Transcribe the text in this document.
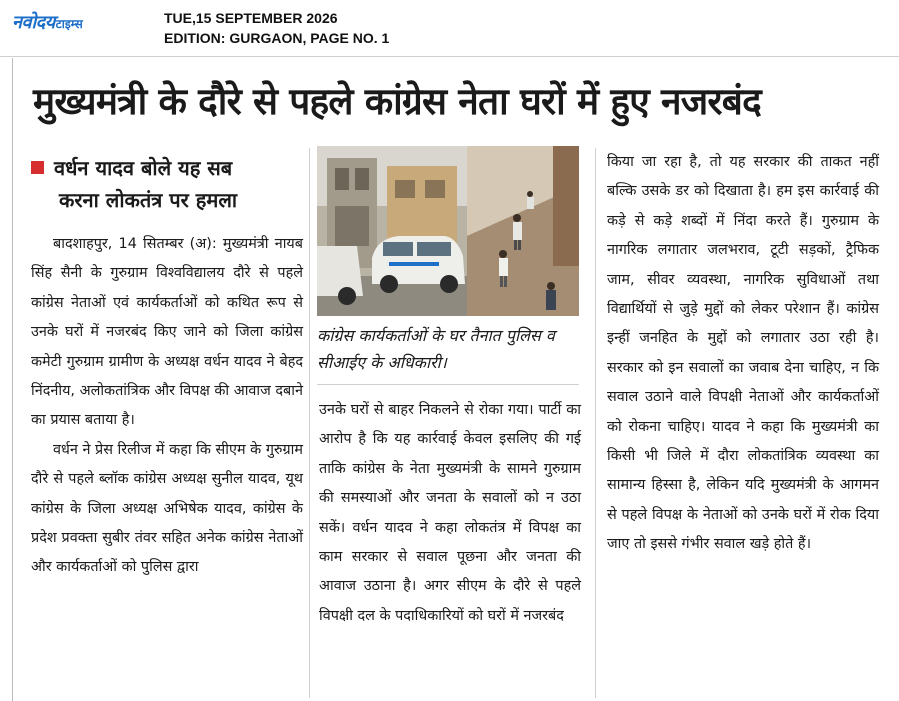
नवोदय टाइम्स	TUE,15 SEPTEMBER 2026
EDITION: GURGAON, PAGE NO. 1
मुख्यमंत्री के दौरे से पहले कांग्रेस नेता घरों में हुए नजरबंद
वर्धन यादव बोले यह सब
करना लोकतंत्र पर हमला

बादशाहपुर, 14 सितम्बर (अ): मुख्यमंत्री नायब सिंह सैनी के गुरुग्राम विश्वविद्यालय दौरे से पहले कांग्रेस नेताओं एवं कार्यकर्ताओं को कथित रूप से उनके घरों में नजरबंद किए जाने को जिला कांग्रेस कमेटी गुरुग्राम ग्रामीण के अध्यक्ष वर्धन यादव ने बेहद निंदनीय, अलोकतांत्रिक और विपक्ष की आवाज दबाने का प्रयास बताया है।

वर्धन ने प्रेस रिलीज में कहा कि सीएम के गुरुग्राम दौरे से पहले ब्लॉक कांग्रेस अध्यक्ष सुनील यादव, यूथ कांग्रेस के जिला अध्यक्ष अभिषेक यादव, कांग्रेस के प्रदेश प्रवक्ता सुबीर तंवर सहित अनेक कांग्रेस नेताओं और कार्यकर्ताओं को पुलिस द्वारा

कांग्रेस कार्यकर्ताओं के घर तैनात पुलिस व सीआईए के अधिकारी।

उनके घरों से बाहर निकलने से रोका गया। पार्टी का आरोप है कि यह कार्रवाई केवल इसलिए की गई ताकि कांग्रेस के नेता मुख्यमंत्री के सामने गुरुग्राम की समस्याओं और जनता के सवालों को न उठा सकें। वर्धन यादव ने कहा लोकतंत्र में विपक्ष का काम सरकार से सवाल पूछना और जनता की आवाज उठाना है। अगर सीएम के दौरे से पहले विपक्षी दल के पदाधिकारियों को घरों में नजरबंद

किया जा रहा है, तो यह सरकार की ताकत नहीं बल्कि उसके डर को दिखाता है। हम इस कार्रवाई की कड़े से कड़े शब्दों में निंदा करते हैं। गुरुग्राम के नागरिक लगातार जलभराव, टूटी सड़कों, ट्रैफिक जाम, सीवर व्यवस्था, नागरिक सुविधाओं तथा विद्यार्थियों से जुड़े मुद्दों को लेकर परेशान हैं। कांग्रेस इन्हीं जनहित के मुद्दों को लगातार उठा रही है। सरकार को इन सवालों का जवाब देना चाहिए, न कि सवाल उठाने वाले विपक्षी नेताओं और कार्यकर्ताओं को रोकना चाहिए। यादव ने कहा कि मुख्यमंत्री का किसी भी जिले में दौरा लोकतांत्रिक व्यवस्था का सामान्य हिस्सा है, लेकिन यदि मुख्यमंत्री के आगमन से पहले विपक्ष के नेताओं को उनके घरों में रोक दिया जाए तो इससे गंभीर सवाल खड़े होते हैं।
